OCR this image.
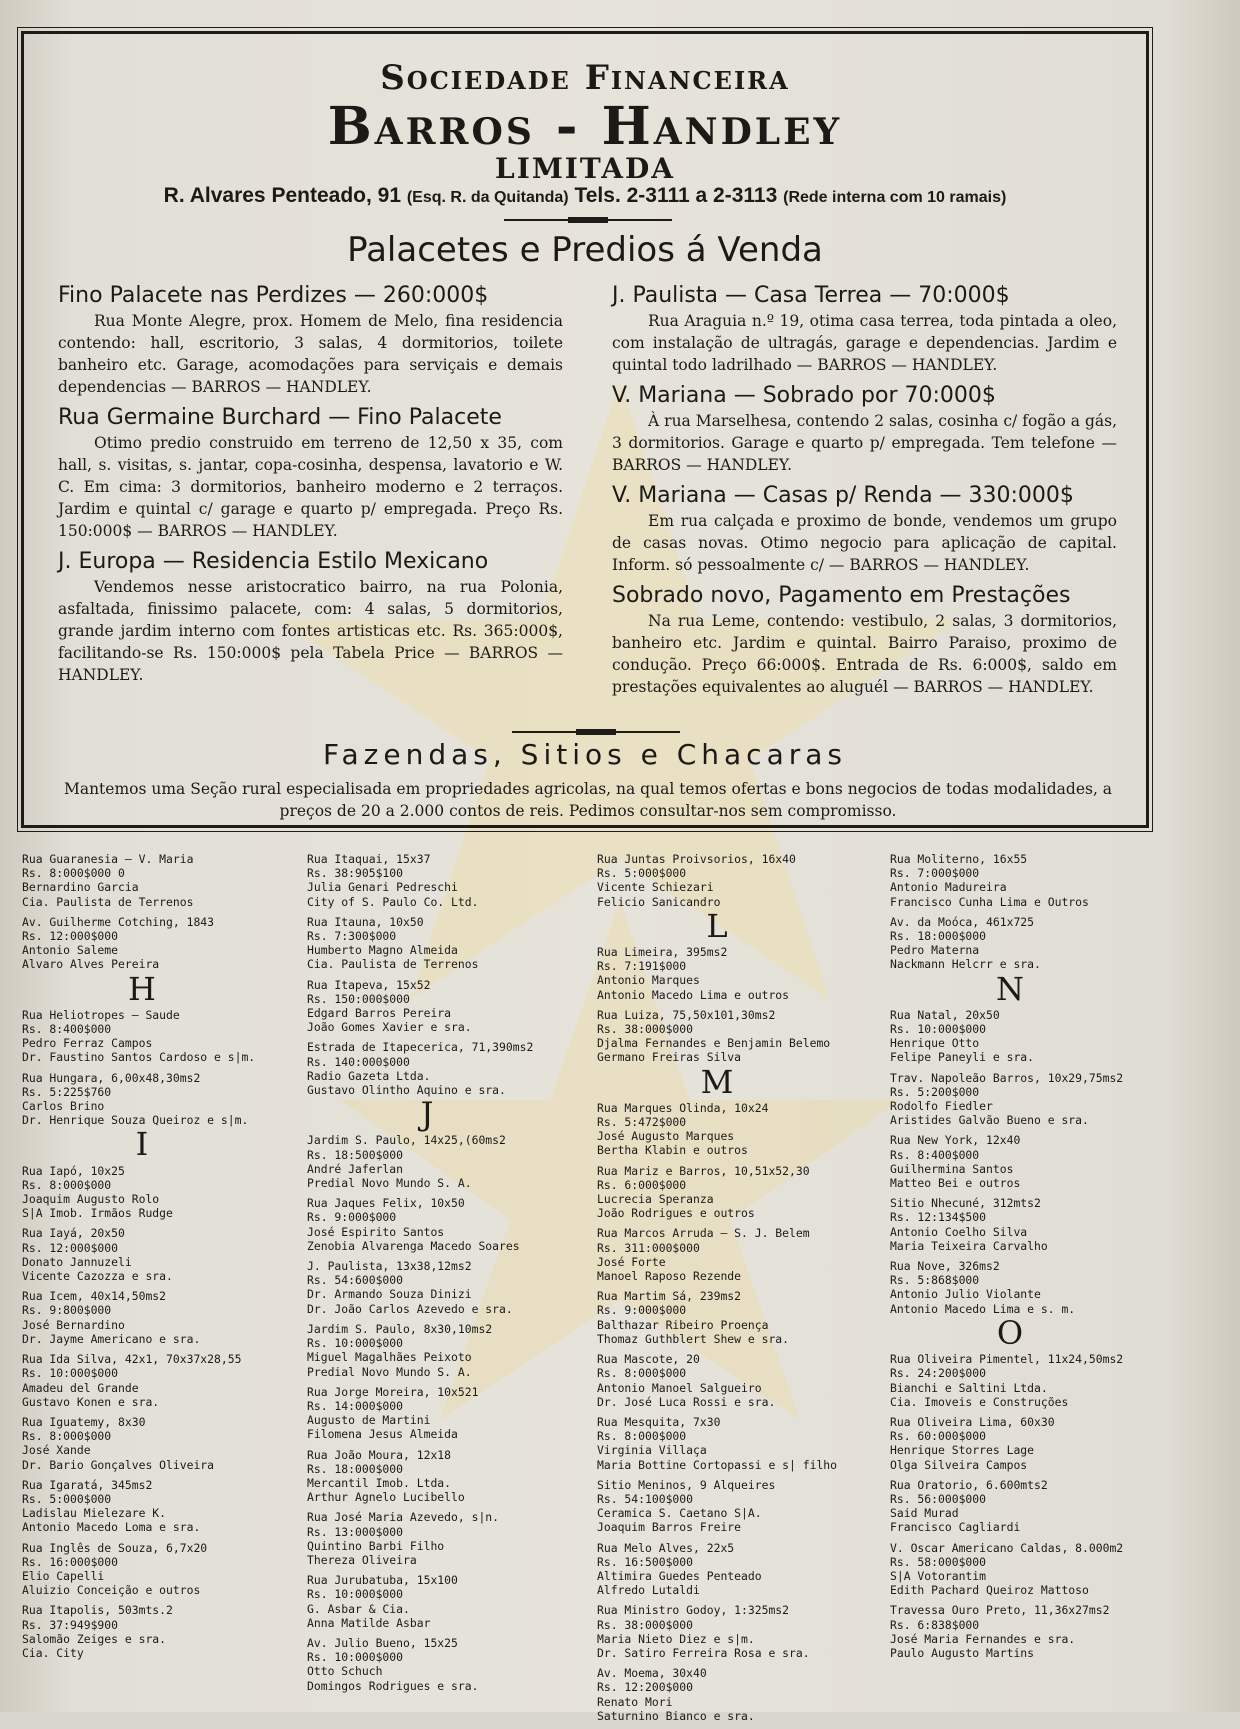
Sociedade Financeira
Barros - Handley
LIMITADA
R. Alvares Penteado, 91 (Esq. R. da Quitanda) Tels. 2-3111 a 2-3113 (Rede interna com 10 ramais)
Palacetes e Predios á Venda
Fino Palacete nas Perdizes — 260:000$
Rua Monte Alegre, prox. Homem de Melo, fina residencia contendo: hall, escritorio, 3 salas, 4 dormitorios, toilete banheiro etc. Garage, acomodações para serviçais e demais dependencias — BARROS — HANDLEY.
Rua Germaine Burchard — Fino Palacete
Otimo predio construido em terreno de 12,50 x 35, com hall, s. visitas, s. jantar, copa-cosinha, despensa, lavatorio e W. C. Em cima: 3 dormitorios, banheiro moderno e 2 terraços. Jardim e quintal c/ garage e quarto p/ empregada. Preço Rs. 150:000$ — BARROS — HANDLEY.
J. Europa — Residencia Estilo Mexicano
Vendemos nesse aristocratico bairro, na rua Polonia, asfaltada, finissimo palacete, com: 4 salas, 5 dormitorios, grande jardim interno com fontes artisticas etc. Rs. 365:000$, facilitando-se Rs. 150:000$ pela Tabela Price — BARROS — HANDLEY.
J. Paulista — Casa Terrea — 70:000$
Rua Araguia n.º 19, otima casa terrea, toda pintada a oleo, com instalação de ultragás, garage e dependencias. Jardim e quintal todo ladrilhado — BARROS — HANDLEY.
V. Mariana — Sobrado por 70:000$
À rua Marselhesa, contendo 2 salas, cosinha c/ fogão a gás, 3 dormitorios. Garage e quarto p/ empregada. Tem telefone — BARROS — HANDLEY.
V. Mariana — Casas p/ Renda — 330:000$
Em rua calçada e proximo de bonde, vendemos um grupo de casas novas. Otimo negocio para aplicação de capital. Inform. só pessoalmente c/ — BARROS — HANDLEY.
Sobrado novo, Pagamento em Prestações
Na rua Leme, contendo: vestibulo, 2 salas, 3 dormitorios, banheiro etc. Jardim e quintal. Bairro Paraiso, proximo de condução. Preço 66:000$. Entrada de Rs. 6:000$, saldo em prestações equivalentes ao aluguél — BARROS — HANDLEY.
Fazendas, Sitios e Chacaras
Mantemos uma Seção rural especialisada em propriedades agricolas, na qual temos ofertas e bons negocios de todas modalidades, a preços de 20 a 2.000 contos de reis. Pedimos consultar-nos sem compromisso.
Rua Guaranesia — V. Maria
Rs. 8:000$000 0
Bernardino Garcia
Cia. Paulista de Terrenos
Av. Guilherme Cotching, 1843
Rs. 12:000$000
Antonio Saleme
Alvaro Alves Pereira
H
Rua Heliotropes — Saude
Rs. 8:400$000
Pedro Ferraz Campos
Dr. Faustino Santos Cardoso e s|m.
Rua Hungara, 6,00x48,30ms2
Rs. 5:225$760
Carlos Brino
Dr. Henrique Souza Queiroz e s|m.
I
Rua Iapó, 10x25
Rs. 8:000$000
Joaquim Augusto Rolo
S|A Imob. Irmãos Rudge
Rua Iayá, 20x50
Rs. 12:000$000
Donato Jannuzeli
Vicente Cazozza e sra.
Rua Icem, 40x14,50ms2
Rs. 9:800$000
José Bernardino
Dr. Jayme Americano e sra.
Rua Ida Silva, 42x1, 70x37x28,55
Rs. 10:000$000
Amadeu del Grande
Gustavo Konen e sra.
Rua Iguatemy, 8x30
Rs. 8:000$000
José Xande
Dr. Bario Gonçalves Oliveira
Rua Igaratá, 345ms2
Rs. 5:000$000
Ladislau Mielezare K.
Antonio Macedo Loma e sra.
Rua Inglês de Souza, 6,7x20
Rs. 16:000$000
Elio Capelli
Aluizio Conceição e outros
Rua Itapolis, 503mts.2
Rs. 37:949$900
Salomão Zeiges e sra.
Cia. City
Rua Itaquai, 15x37
Rs. 38:905$100
Julia Genari Pedreschi
City of S. Paulo Co. Ltd.
Rua Itauna, 10x50
Rs. 7:300$000
Humberto Magno Almeida
Cia. Paulista de Terrenos
Rua Itapeva, 15x52
Rs. 150:000$000
Edgard Barros Pereira
João Gomes Xavier e sra.
Estrada de Itapecerica, 71,390ms2
Rs. 140:000$000
Radio Gazeta Ltda.
Gustavo Olintho Aquino e sra.
J
Jardim S. Paulo, 14x25,(60ms2
Rs. 18:500$000
André Jaferlan
Predial Novo Mundo S. A.
Rua Jaques Felix, 10x50
Rs. 9:000$000
José Espirito Santos
Zenobia Alvarenga Macedo Soares
J. Paulista, 13x38,12ms2
Rs. 54:600$000
Dr. Armando Souza Dinizi
Dr. João Carlos Azevedo e sra.
Jardim S. Paulo, 8x30,10ms2
Rs. 10:000$000
Miguel Magalhães Peixoto
Predial Novo Mundo S. A.
Rua Jorge Moreira, 10x521
Rs. 14:000$000
Augusto de Martini
Filomena Jesus Almeida
Rua João Moura, 12x18
Rs. 18:000$000
Mercantil Imob. Ltda.
Arthur Agnelo Lucibello
Rua José Maria Azevedo, s|n.
Rs. 13:000$000
Quintino Barbi Filho
Thereza Oliveira
Rua Jurubatuba, 15x100
Rs. 10:000$000
G. Asbar & Cia.
Anna Matilde Asbar
Av. Julio Bueno, 15x25
Rs. 10:000$000
Otto Schuch
Domingos Rodrigues e sra.
Rua Juntas Proivsorios, 16x40
Rs. 5:000$000
Vicente Schiezari
Felicio Sanicandro
L
Rua Limeira, 395ms2
Rs. 7:191$000
Antonio Marques
Antonio Macedo Lima e outros
Rua Luiza, 75,50x101,30ms2
Rs. 38:000$000
Djalma Fernandes e Benjamin Belemo
Germano Freiras Silva
M
Rua Marques Olinda, 10x24
Rs. 5:472$000
José Augusto Marques
Bertha Klabin e outros
Rua Mariz e Barros, 10,51x52,30
Rs. 6:000$000
Lucrecia Speranza
João Rodrigues e outros
Rua Marcos Arruda — S. J. Belem
Rs. 311:000$000
José Forte
Manoel Raposo Rezende
Rua Martim Sá, 239ms2
Rs. 9:000$000
Balthazar Ribeiro Proença
Thomaz Guthblert Shew e sra.
Rua Mascote, 20
Rs. 8:000$000
Antonio Manoel Salgueiro
Dr. José Luca Rossi e sra.
Rua Mesquita, 7x30
Rs. 8:000$000
Virginia Villaça
Maria Bottine Cortopassi e s| filho
Sitio Meninos, 9 Alqueires
Rs. 54:100$000
Ceramica S. Caetano S|A.
Joaquim Barros Freire
Rua Melo Alves, 22x5
Rs. 16:500$000
Altimira Guedes Penteado
Alfredo Lutaldi
Rua Ministro Godoy, 1:325ms2
Rs. 38:000$000
Maria Nieto Diez e s|m.
Dr. Satiro Ferreira Rosa e sra.
Av. Moema, 30x40
Rs. 12:200$000
Renato Mori
Saturnino Bianco e sra.
Rua Moliterno, 16x55
Rs. 7:000$000
Antonio Madureira
Francisco Cunha Lima e Outros
Av. da Moóca, 461x725
Rs. 18:000$000
Pedro Materna
Nackmann Helcrr e sra.
N
Rua Natal, 20x50
Rs. 10:000$000
Henrique Otto
Felipe Paneyli e sra.
Trav. Napoleão Barros, 10x29,75ms2
Rs. 5:200$000
Rodolfo Fiedler
Aristides Galvão Bueno e sra.
Rua New York, 12x40
Rs. 8:400$000
Guilhermina Santos
Matteo Bei e outros
Sitio Nhecuné, 312mts2
Rs. 12:134$500
Antonio Coelho Silva
Maria Teixeira Carvalho
Rua Nove, 326ms2
Rs. 5:868$000
Antonio Julio Violante
Antonio Macedo Lima e s. m.
O
Rua Oliveira Pimentel, 11x24,50ms2
Rs. 24:200$000
Bianchi e Saltini Ltda.
Cia. Imoveis e Construções
Rua Oliveira Lima, 60x30
Rs. 60:000$000
Henrique Storres Lage
Olga Silveira Campos
Rua Oratorio, 6.600mts2
Rs. 56:000$000
Said Murad
Francisco Cagliardi
V. Oscar Americano Caldas, 8.000m2
Rs. 58:000$000
S|A Votorantim
Edith Pachard Queiroz Mattoso
Travessa Ouro Preto, 11,36x27ms2
Rs. 6:838$000
José Maria Fernandes e sra.
Paulo Augusto Martins
